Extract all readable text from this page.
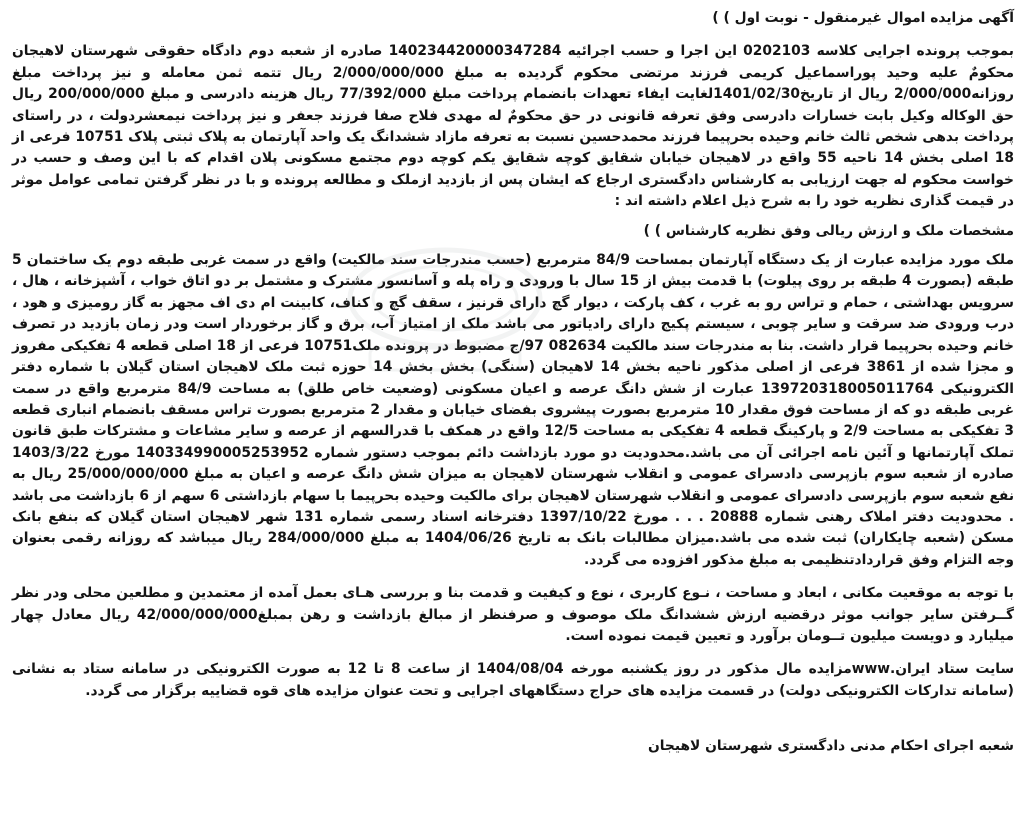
آگهی مزایده اموال غیرمنقول - نوبت اول ) )

بموجب پرونده اجرایی کلاسه 0202103 این اجرا و حسب اجرائیه 140234420000347284 صادره از شعبه دوم دادگاه حقوقی شهرستان لاهیجان محکومٌ علیه وحید پوراسماعیل کریمی فرزند مرتضی محکوم گردیده به مبلغ 2/000/000/000 ریال تتمه ثمن معامله و نیز پرداخت مبلغ روزانه2/000/000 ریال از تاریخ1401/02/30لغایت ایفاء تعهدات بانضمام پرداخت مبلغ 77/392/000 ریال هزینه دادرسی و مبلغ 200/000/000 ریال حق الوکاله وکیل بابت خسارات دادرسی وفق تعرفه قانونی در حق محکومٌ له مهدی فلاح صفا فرزند جعفر و نیز پرداخت نیمعشردولت ، در راستای پرداخت بدهی شخص ثالث خانم وحیده بحرپیما فرزند محمدحسین نسبت به تعرفه مازاد ششدانگ یک واحد آپارتمان به پلاک ثبتی پلاک 10751 فرعی از 18 اصلی بخش 14 ناحیه 55 واقع در لاهیجان خیابان شقایق کوچه شقایق یکم کوچه دوم مجتمع مسکونی پلان اقدام که با این وصف و حسب در خواست محکوم له جهت ارزیابی به کارشناس دادگستری ارجاع که ایشان پس از بازدید ازملک و مطالعه پرونده و با در نظر گرفتن تمامی عوامل موثر در قیمت گذاری نظریه خود را به شرح ذیل اعلام داشته اند :

مشخصات ملک و ارزش ریالی وفق نظریه کارشناس ) )

ملک مورد مزایده عبارت از یک دستگاه آپارتمان بمساحت 84/9 مترمربع (حسب مندرجات سند مالکیت) واقع در سمت غربی طبقه دوم یک ساختمان 5 طبقه (بصورت 4 طبقه بر روی پیلوت) با قدمت بیش از 15 سال با ورودی و راه پله و آسانسور مشترک و مشتمل بر دو اتاق خواب ، آشپزخانه ، هال ، سرویس بهداشتی ، حمام و تراس رو به غرب ، کف پارکت ، دیوار گچ دارای قرنیز ، سقف گچ و کناف، کابینت ام دی اف مجهز به گاز رومیزی و هود ، درب ورودی ضد سرقت و سایر چوبی ، سیستم پکیج دارای رادیاتور می باشد ملک از امتیاز آب، برق و گاز برخوردار است ودر زمان بازدید در تصرف خانم وحیده بحرپیما قرار داشت. بنا به مندرجات سند مالکیت 082634 97/ج مضبوط در پرونده ملک10751 فرعی از 18 اصلی قطعه 4 تفکیکی مفروز و مجزا شده از 3861 فرعی از اصلی مذکور ناحیه بخش 14 لاهیجان (سنگی) بخش بخش 14 حوزه ثبت ملک لاهیجان استان گیلان با شماره دفتر الکترونیکی 139720318005011764 عبارت از شش دانگ عرصه و اعیان مسکونی (وضعیت خاص طلق) به مساحت 84/9 مترمربع واقع در سمت غربی طبقه دو که از مساحت فوق مقدار 10 مترمربع بصورت پیشروی بفضای خیابان و مقدار 2 مترمربع بصورت تراس مسقف بانضمام انباری قطعه 3 تفکیکی به مساحت 2/9 و پارکینگ قطعه 4 تفکیکی به مساحت 12/5 واقع در همکف با قدرالسهم از عرصه و سایر مشاعات و مشترکات طبق قانون تملک آپارتمانها و آئین نامه اجرائی آن می باشد.محدودیت دو مورد بازداشت دائم بموجب دستور شماره 140334990005253952 مورخ 1403/3/22 صادره از شعبه سوم بازپرسی دادسرای عمومی و انقلاب شهرستان لاهیجان به میزان شش دانگ عرصه و اعیان به مبلغ 25/000/000/000 ریال به نفع شعبه سوم بازپرسی دادسرای عمومی و انقلاب شهرستان لاهیجان برای مالکیت وحیده بحرپیما با سهام بازداشتی 6 سهم از 6 بازداشت می باشد . محدودیت دفتر املاک رهنی شماره 20888 . . . مورخ 1397/10/22 دفترخانه اسناد رسمی شماره 131 شهر لاهیجان استان گیلان که بنفع بانک مسکن (شعبه چایکاران) ثبت شده می باشد.میزان مطالبات بانک به تاریخ 1404/06/26 به مبلغ 284/000/000 ریال میباشد که روزانه رقمی بعنوان وجه التزام وفق قراردادتنظیمی به مبلغ مذکور افزوده می گردد.

با توجه به موقعیت مکانی ، ابعاد و مساحت ، نـوع کاربری ، نوع و کیفیت و قدمت بنا و بررسی هـای بعمل آمده از معتمدین و مطلعین محلی ودر نظر گــرفتن سایر جوانب موثر درقضیه ارزش ششدانگ ملک موصوف و صرفنظر از مبالغ بازداشت و رهن بمبلغ42/000/000/000 ریال معادل چهار میلیارد و دویست میلیون تــومان برآورد و تعیین قیمت نموده است.

سایت ستاد ایران.wwwمزایده مال مذکور در روز یکشنبه مورخه 1404/08/04 از ساعت 8 تا 12 به صورت الکترونیکی در سامانه ستاد به نشانی (سامانه تدارکات الکترونیکی دولت) در قسمت مزایده های حراج دستگاههای اجرایی و تحت عنوان مزایده های قوه قضاییه برگزار می گردد.

شعبه اجرای احکام مدنی دادگستری شهرستان لاهیجان
